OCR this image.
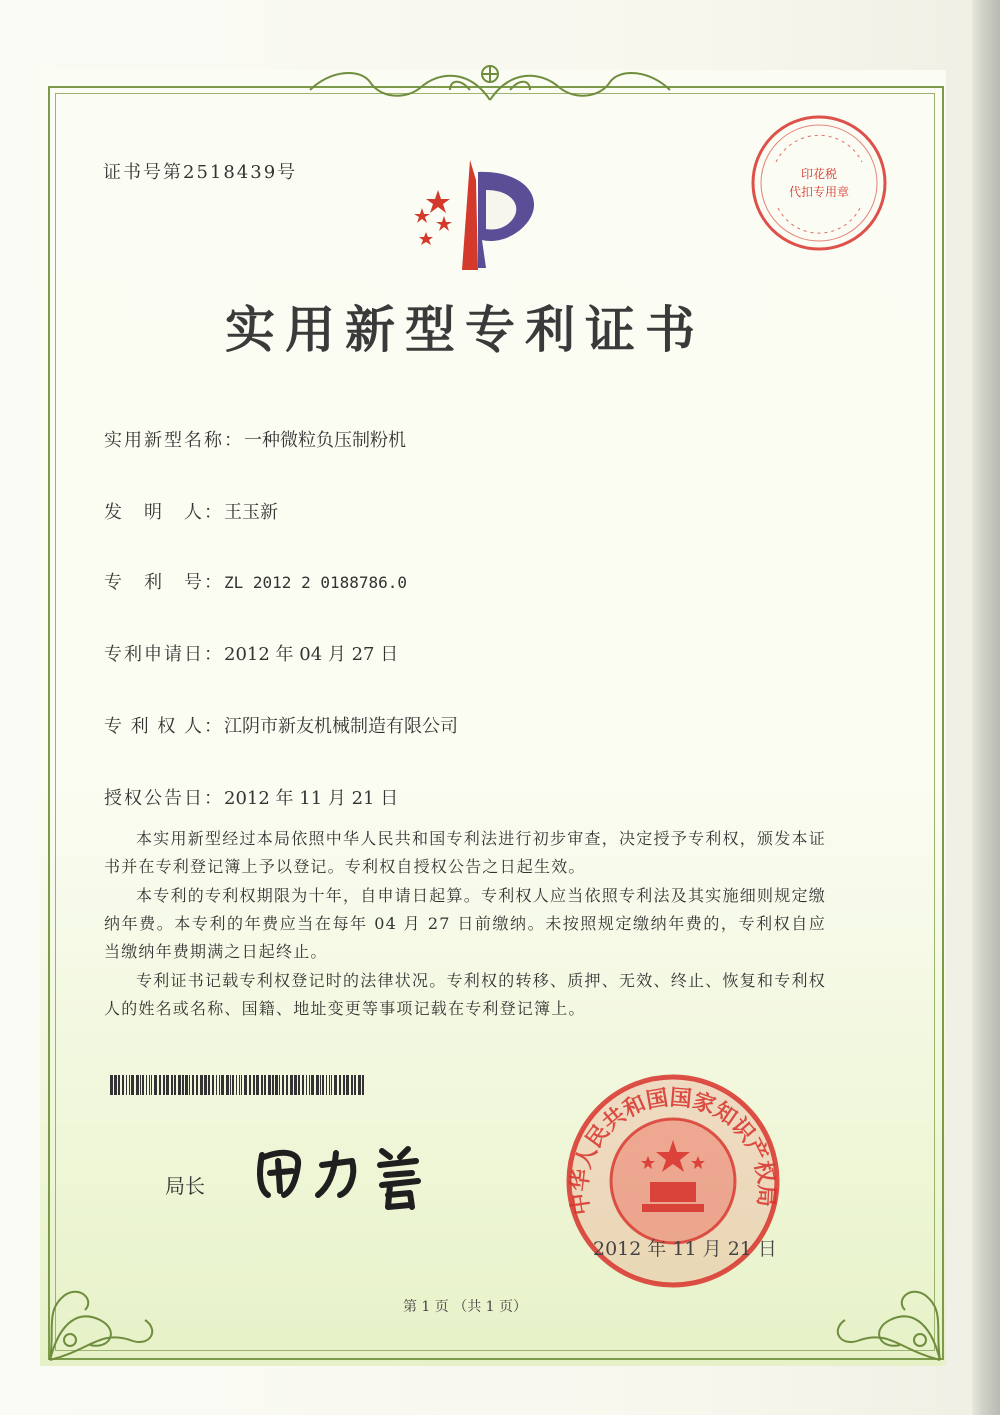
证书号第2518439号	印花税
代扣专用章
实用新型专利证书
实用新型名称：一种微粒负压制粉机
发 明 人： 王玉新
专 利 号： ZL 2012 2 0188786.0
专利申请日：2012 年 04 月 27 日
专 利 权 人： 江阴市新友机械制造有限公司
授权公告日：2012 年 11 月 21 日
本实用新型经过本局依照中华人民共和国专利法进行初步审查，决定授予专利权，颁发本证书并在专利登记簿上予以登记。专利权自授权公告之日起生效。
本专利的专利权期限为十年，自申请日起算。专利权人应当依照专利法及其实施细则规定缴纳年费。本专利的年费应当在每年 04 月 27 日前缴纳。未按照规定缴纳年费的，专利权自应当缴纳年费期满之日起终止。
专利证书记载专利权登记时的法律状况。专利权的转移、质押、无效、终止、恢复和专利权人的姓名或名称、国籍、地址变更等事项记载在专利登记簿上。
局长
中华人民共和国国家知识产权局
2012 年 11 月 21 日
第 1 页 （共 1 页）
